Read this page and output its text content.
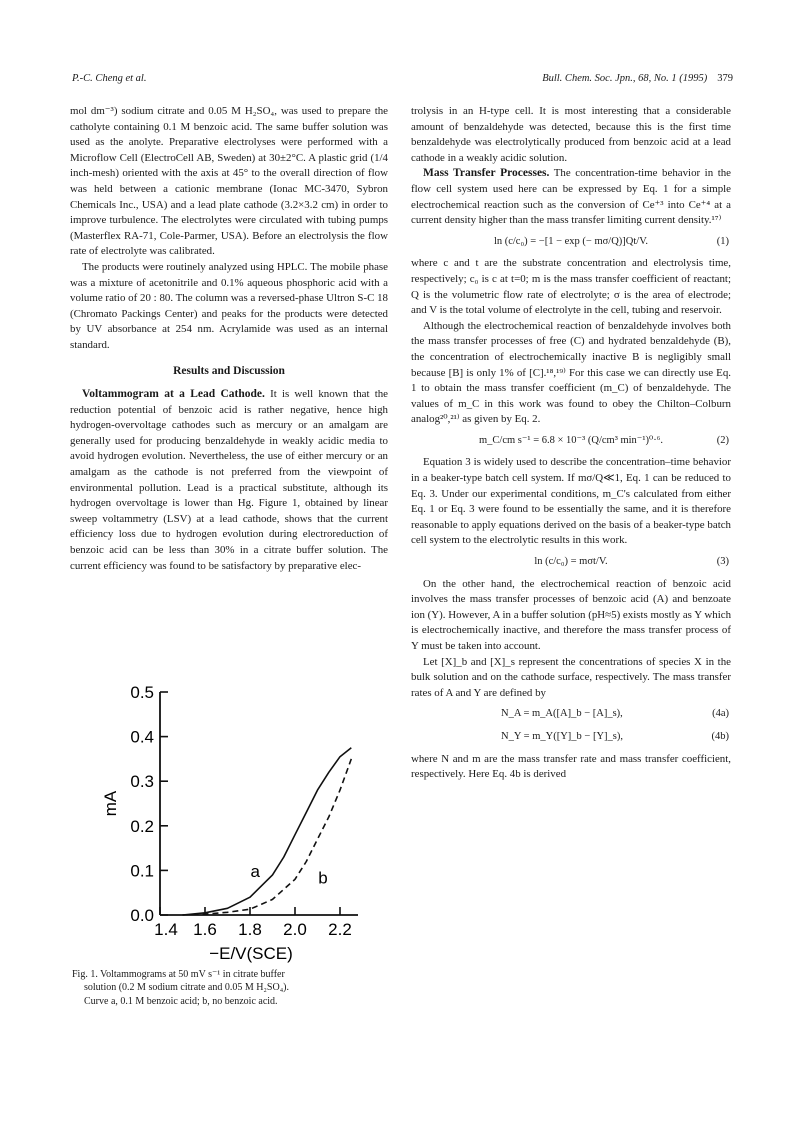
P.-C. Cheng et al.	Bull. Chem. Soc. Jpn., 68, No. 1 (1995) 379

mol dm⁻³) sodium citrate and 0.05 M H₂SO₄, was used to prepare the catholyte containing 0.1 M benzoic acid. The same buffer solution was used as the anolyte. Preparative electrolyses were performed with a Microflow Cell (ElectroCell AB, Sweden) at 30±2°C. A plastic grid (1/4 inch-mesh) oriented with the axis at 45° to the overall direction of flow was held between a cationic membrane (Ionac MC-3470, Sybron Chemicals Inc., USA) and a lead plate cathode (3.2×3.2 cm) in order to improve turbulence. The electrolytes were circulated with tubing pumps (Masterflex RA-71, Cole-Parmer, USA). Before an electrolysis the flow rate of electrolyte was calibrated.

The products were routinely analyzed using HPLC. The mobile phase was a mixture of acetonitrile and 0.1% aqueous phosphoric acid with a volume ratio of 20 : 80. The column was a reversed-phase Ultron S-C 18 (Chromato Packings Center) and peaks for the products were detected by UV absorbance at 254 nm. Acrylamide was used as an internal standard.

Results and Discussion

Voltammogram at a Lead Cathode. It is well known that the reduction potential of benzoic acid is rather negative, hence high hydrogen-overvoltage cathodes such as mercury or an amalgam are generally used for producing benzaldehyde in weakly acidic media to avoid hydrogen evolution. Nevertheless, the use of either mercury or an amalgam as the cathode is not preferred from the viewpoint of environmental pollution. Lead is a practical substitute, although its hydrogen overvoltage is lower than Hg. Figure 1, obtained by linear sweep voltammetry (LSV) at a lead cathode, shows that the current efficiency loss due to hydrogen evolution during electroreduction of benzoic acid can be less than 30% in a citrate buffer solution. The current efficiency was found to be satisfactory by preparative elec-

0.0
0.1
0.2
0.3
0.4
0.5
1.4 1.6 1.8 2.0 2.2
−E/V(SCE)
mA
a	b
Fig. 1. Voltammograms at 50 mV s⁻¹ in citrate buffer
solution (0.2 M sodium citrate and 0.05 M H₂SO₄).
Curve a, 0.1 M benzoic acid; b, no benzoic acid.

trolysis in an H-type cell. It is most interesting that a considerable amount of benzaldehyde was detected, because this is the first time benzaldehyde was electrolytically produced from benzoic acid at a lead cathode in a weakly acidic solution.

Mass Transfer Processes. The concentration-time behavior in the flow cell system used here can be expressed by Eq. 1 for a simple electrochemical reaction such as the conversion of Ce⁺³ into Ce⁺⁴ at a current density higher than the mass transfer limiting current density.¹⁷⁾

ln (c/c₀) = −[1 − exp (− mσ/Q)]Qt/V.	(1)

where c and t are the substrate concentration and electrolysis time, respectively; c₀ is c at t=0; m is the mass transfer coefficient of reactant; Q is the volumetric flow rate of electrolyte; σ is the area of electrode; and V is the total volume of electrolyte in the cell, tubing and reservoir.

Although the electrochemical reaction of benzaldehyde involves both the mass transfer processes of free (C) and hydrated benzaldehyde (B), the concentration of electrochemically inactive B is negligibly small because [B] is only 1% of [C].¹⁸,¹⁹⁾ For this case we can directly use Eq. 1 to obtain the mass transfer coefficient (m_C) of benzaldehyde. The values of m_C in this work was found to obey the Chilton–Colburn analog²⁰,²¹⁾ as given by Eq. 2.

m_C/cm s⁻¹ = 6.8 × 10⁻³ (Q/cm³ min⁻¹)⁰·⁶.	(2)

Equation 3 is widely used to describe the concentration–time behavior in a beaker-type batch cell system. If mσ/Q≪1, Eq. 1 can be reduced to Eq. 3. Under our experimental conditions, m_C's calculated from either Eq. 1 or Eq. 3 were found to be essentially the same, and it is therefore reasonable to apply equations derived on the basis of a beaker-type batch cell system to the electrolytic results in this work.

ln (c/c₀) = mσt/V.	(3)

On the other hand, the electrochemical reaction of benzoic acid involves the mass transfer processes of benzoic acid (A) and benzoate ion (Y). However, A in a buffer solution (pH≈5) exists mostly as Y which is electrochemically inactive, and therefore the mass transfer process of Y must be taken into account.

Let [X]_b and [X]_s represent the concentrations of species X in the bulk solution and on the cathode surface, respectively. The mass transfer rates of A and Y are defined by

N_A = m_A([A]_b − [A]_s),	(4a)
N_Y = m_Y([Y]_b − [Y]_s),	(4b)

where N and m are the mass transfer rate and mass transfer coefficient, respectively. Here Eq. 4b is derived
